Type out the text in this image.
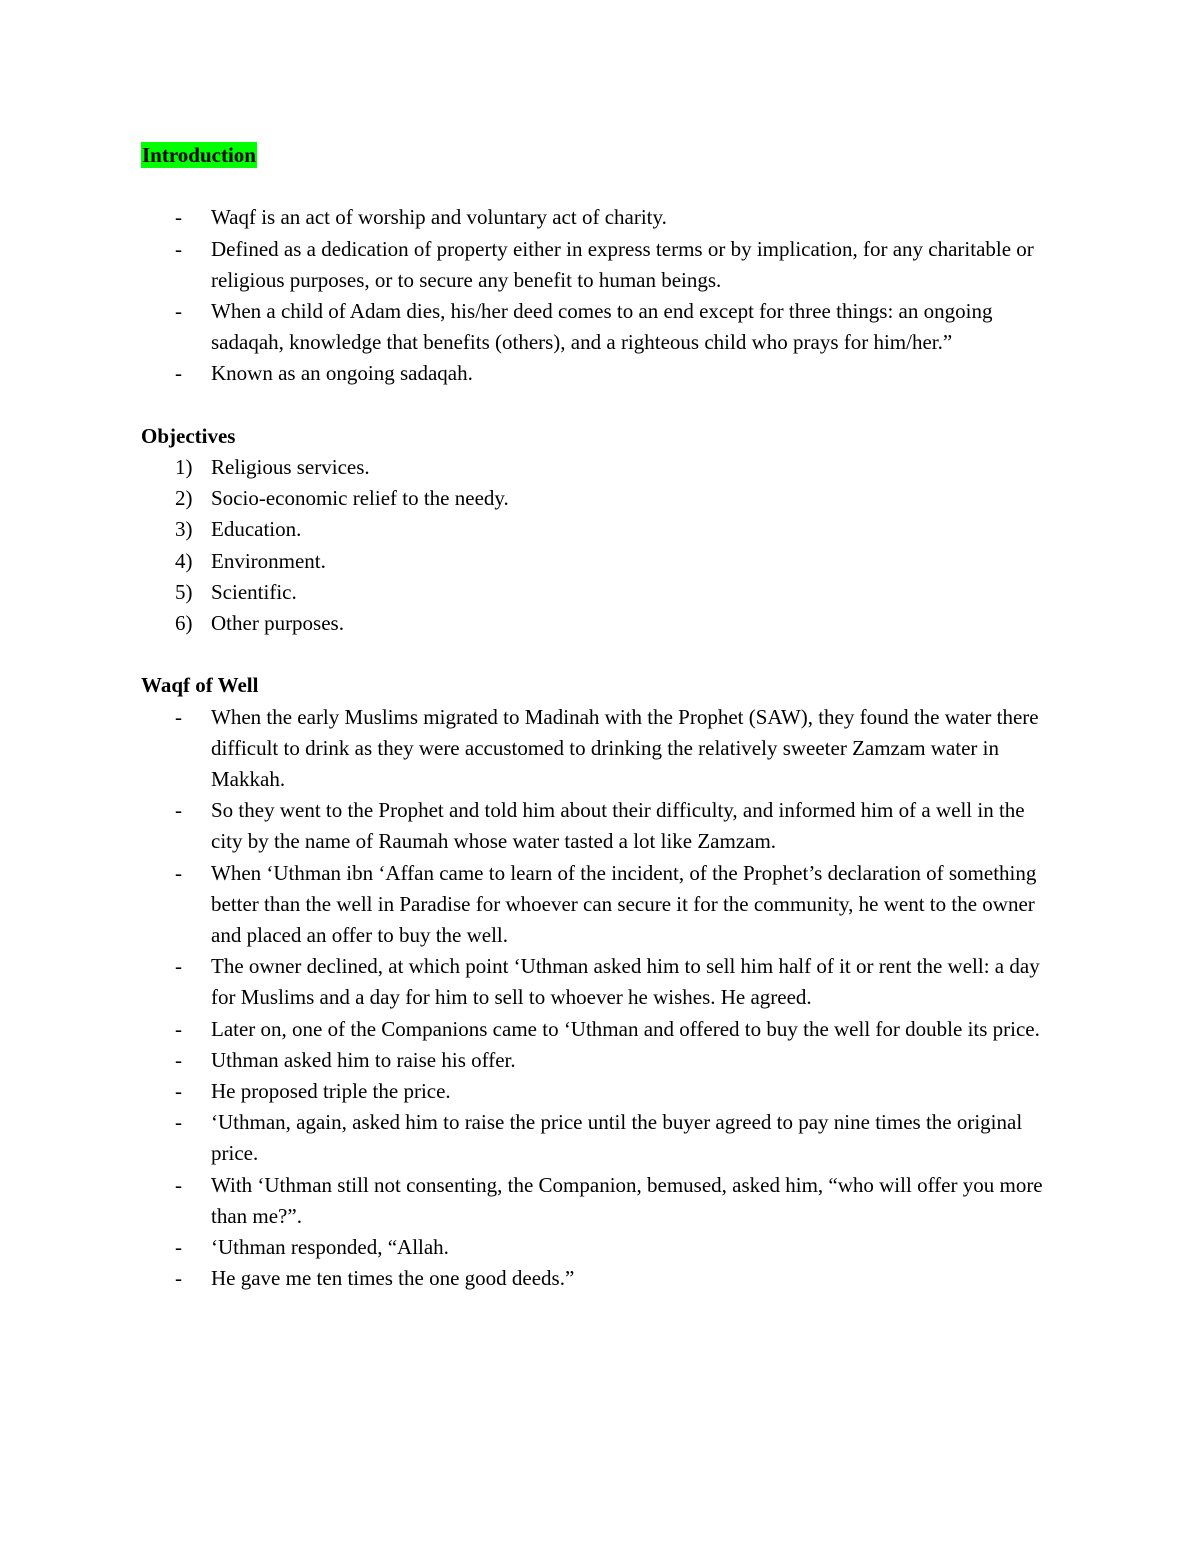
Introduction

- Waqf is an act of worship and voluntary act of charity.
- Defined as a dedication of property either in express terms or by implication, for any charitable or religious purposes, or to secure any benefit to human beings.
- When a child of Adam dies, his/her deed comes to an end except for three things: an ongoing sadaqah, knowledge that benefits (others), and a righteous child who prays for him/her.”
- Known as an ongoing sadaqah.

Objectives

1) Religious services.
2) Socio-economic relief to the needy.
3) Education.
4) Environment.
5) Scientific.
6) Other purposes.

Waqf of Well

- When the early Muslims migrated to Madinah with the Prophet (SAW), they found the water there difficult to drink as they were accustomed to drinking the relatively sweeter Zamzam water in Makkah.
- So they went to the Prophet and told him about their difficulty, and informed him of a well in the city by the name of Raumah whose water tasted a lot like Zamzam.
- When ‘Uthman ibn ‘Affan came to learn of the incident, of the Prophet’s declaration of something better than the well in Paradise for whoever can secure it for the community, he went to the owner and placed an offer to buy the well.
- The owner declined, at which point ‘Uthman asked him to sell him half of it or rent the well: a day for Muslims and a day for him to sell to whoever he wishes. He agreed.
- Later on, one of the Companions came to ‘Uthman and offered to buy the well for double its price.
- Uthman asked him to raise his offer.
- He proposed triple the price.
- ‘Uthman, again, asked him to raise the price until the buyer agreed to pay nine times the original price.
- With ‘Uthman still not consenting, the Companion, bemused, asked him, “who will offer you more than me?”.
- ‘Uthman responded, “Allah.
- He gave me ten times the one good deeds.”
